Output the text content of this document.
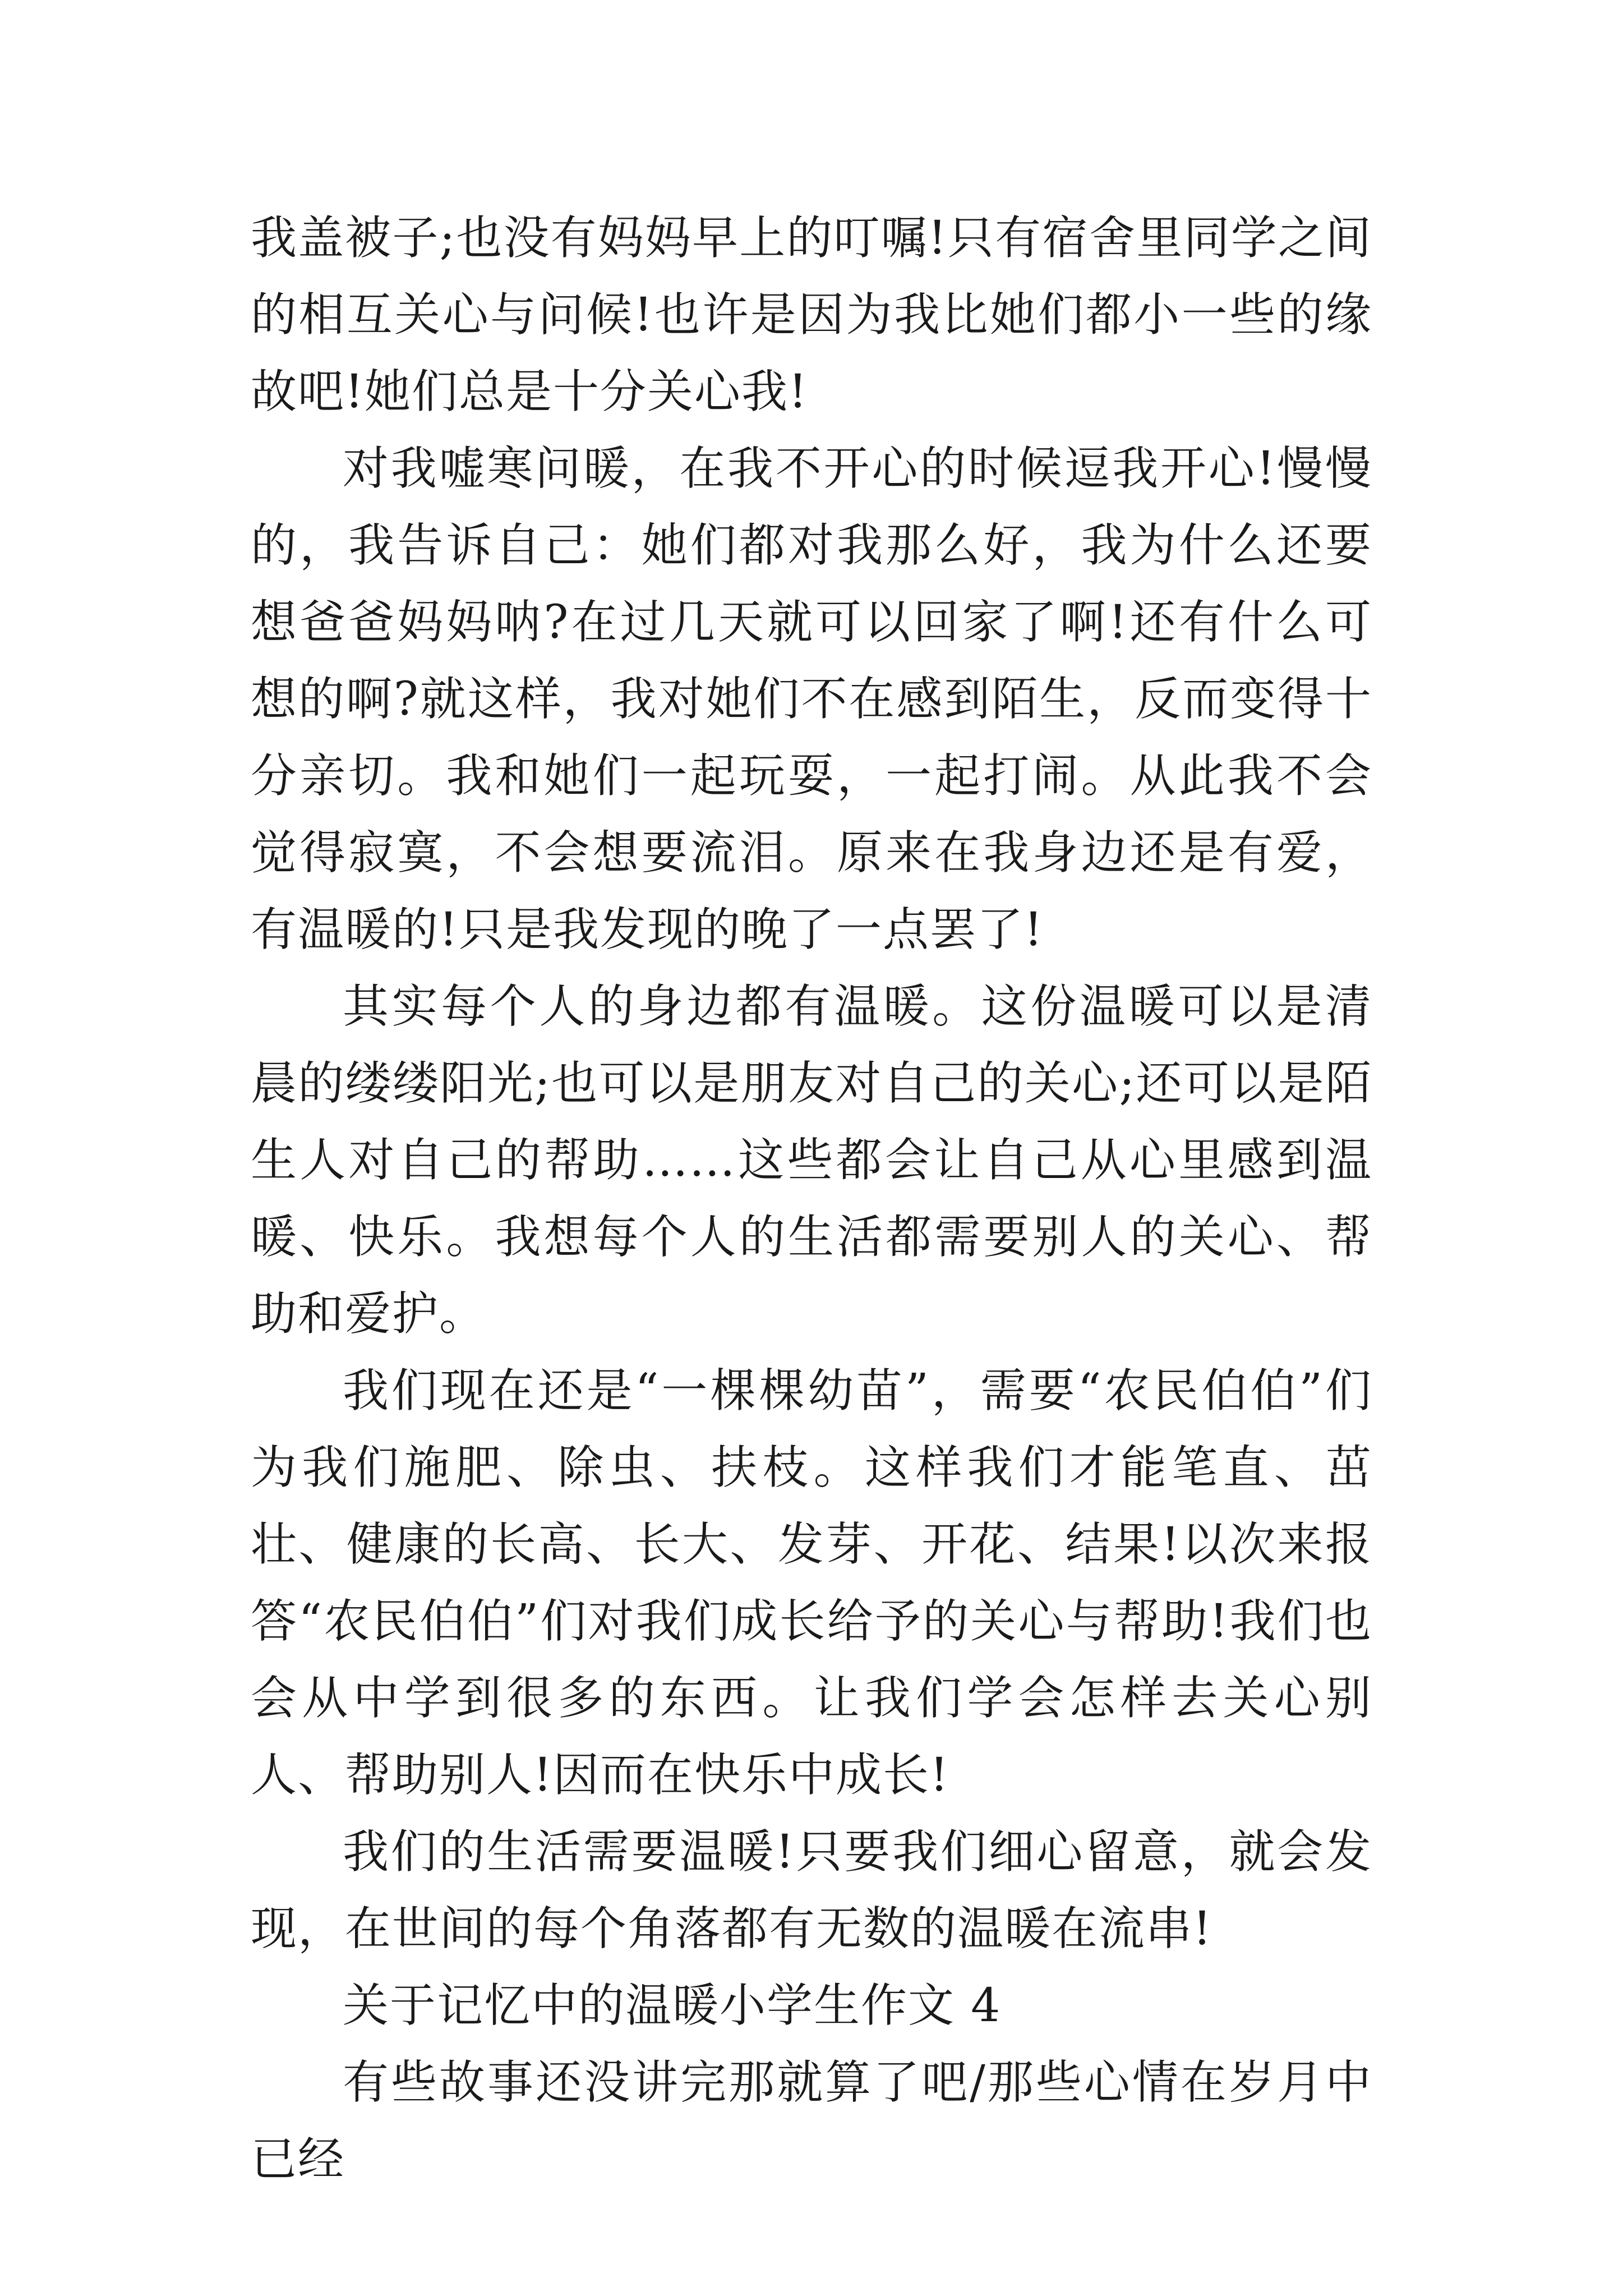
我盖被子;也没有妈妈早上的叮嘱!只有宿舍里同学之间的相互关心与问候!也许是因为我比她们都小一些的缘故吧!她们总是十分关心我!

对我嘘寒问暖，在我不开心的时候逗我开心!慢慢的，我告诉自己：她们都对我那么好，我为什么还要想爸爸妈妈呐?在过几天就可以回家了啊!还有什么可想的啊?就这样，我对她们不在感到陌生，反而变得十分亲切。我和她们一起玩耍，一起打闹。从此我不会觉得寂寞，不会想要流泪。原来在我身边还是有爱，有温暖的!只是我发现的晚了一点罢了!

其实每个人的身边都有温暖。这份温暖可以是清晨的缕缕阳光;也可以是朋友对自己的关心;还可以是陌生人对自己的帮助……这些都会让自己从心里感到温暖、快乐。我想每个人的生活都需要别人的关心、帮助和爱护。

我们现在还是“一棵棵幼苗”，需要“农民伯伯”们为我们施肥、除虫、扶枝。这样我们才能笔直、茁壮、健康的长高、长大、发芽、开花、结果!以次来报答“农民伯伯”们对我们成长给予的关心与帮助!我们也会从中学到很多的东西。让我们学会怎样去关心别人、帮助别人!因而在快乐中成长!

我们的生活需要温暖!只要我们细心留意，就会发现，在世间的每个角落都有无数的温暖在流串!

关于记忆中的温暖小学生作文 4

有些故事还没讲完那就算了吧/那些心情在岁月中已经
